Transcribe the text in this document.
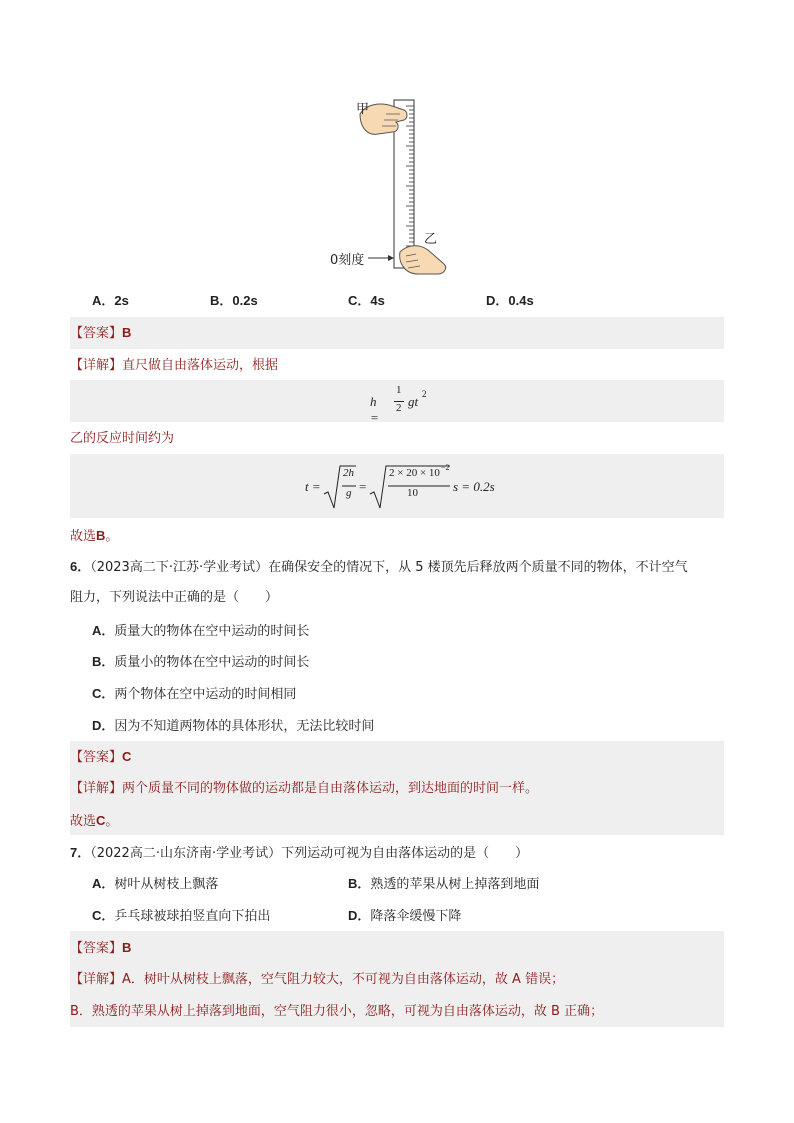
甲
乙
0刻度
A．2s	B．0.2s	C．4s	D．0.4s
【答案】B
【详解】直尺做自由落体运动，根据
h =
1
2 gt 2
乙的反应时间约为
t =
2h
g =
2 × 20 × 10 −2
10	s = 0.2s
故选B。
6．（2023高二下·江苏·学业考试）在确保安全的情况下，从 5 楼顶先后释放两个质量不同的物体，不计空气
阻力，下列说法中正确的是（　　）
A．质量大的物体在空中运动的时间长
B．质量小的物体在空中运动的时间长
C．两个物体在空中运动的时间相同
D．因为不知道两物体的具体形状，无法比较时间
【答案】C
【详解】两个质量不同的物体做的运动都是自由落体运动，到达地面的时间一样。
故选C。
7．（2022高二·山东济南·学业考试）下列运动可视为自由落体运动的是（　　）
A．树叶从树枝上飘落	B．熟透的苹果从树上掉落到地面
C．乒乓球被球拍竖直向下拍出	D．降落伞缓慢下降
【答案】B
【详解】A．树叶从树枝上飘落，空气阻力较大，不可视为自由落体运动，故 A 错误；
B．熟透的苹果从树上掉落到地面，空气阻力很小，忽略，可视为自由落体运动，故 B 正确；
